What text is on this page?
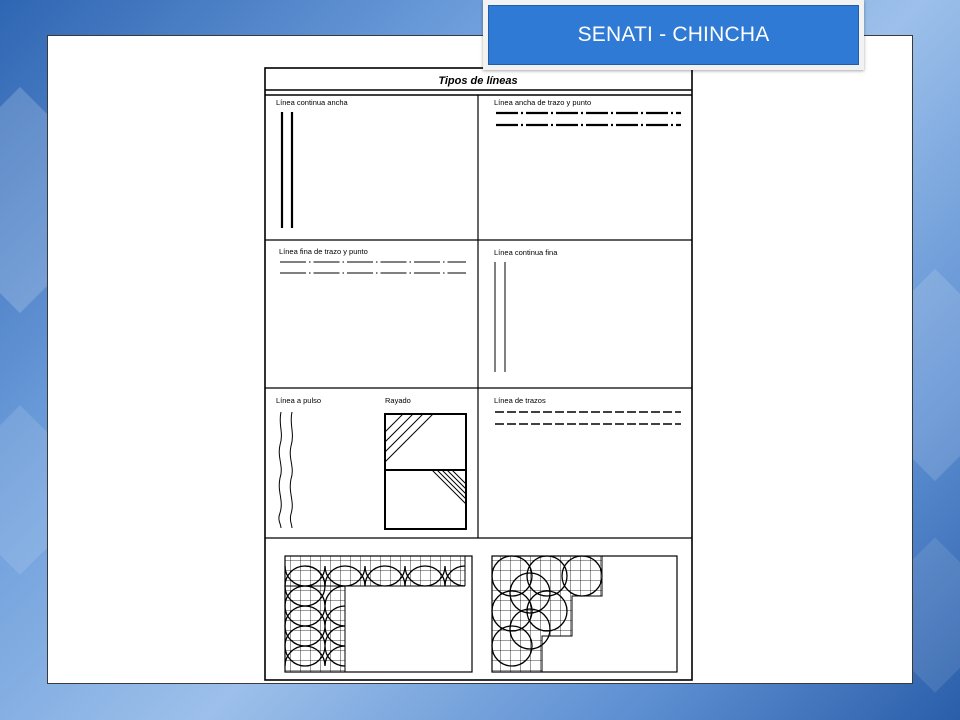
Tipos de líneas
Línea continua ancha	Línea ancha de trazo y punto
Línea fina de trazo y punto	Línea continua fina
Línea a pulso	Rayado	Línea de trazos
SENATI - CHINCHA
